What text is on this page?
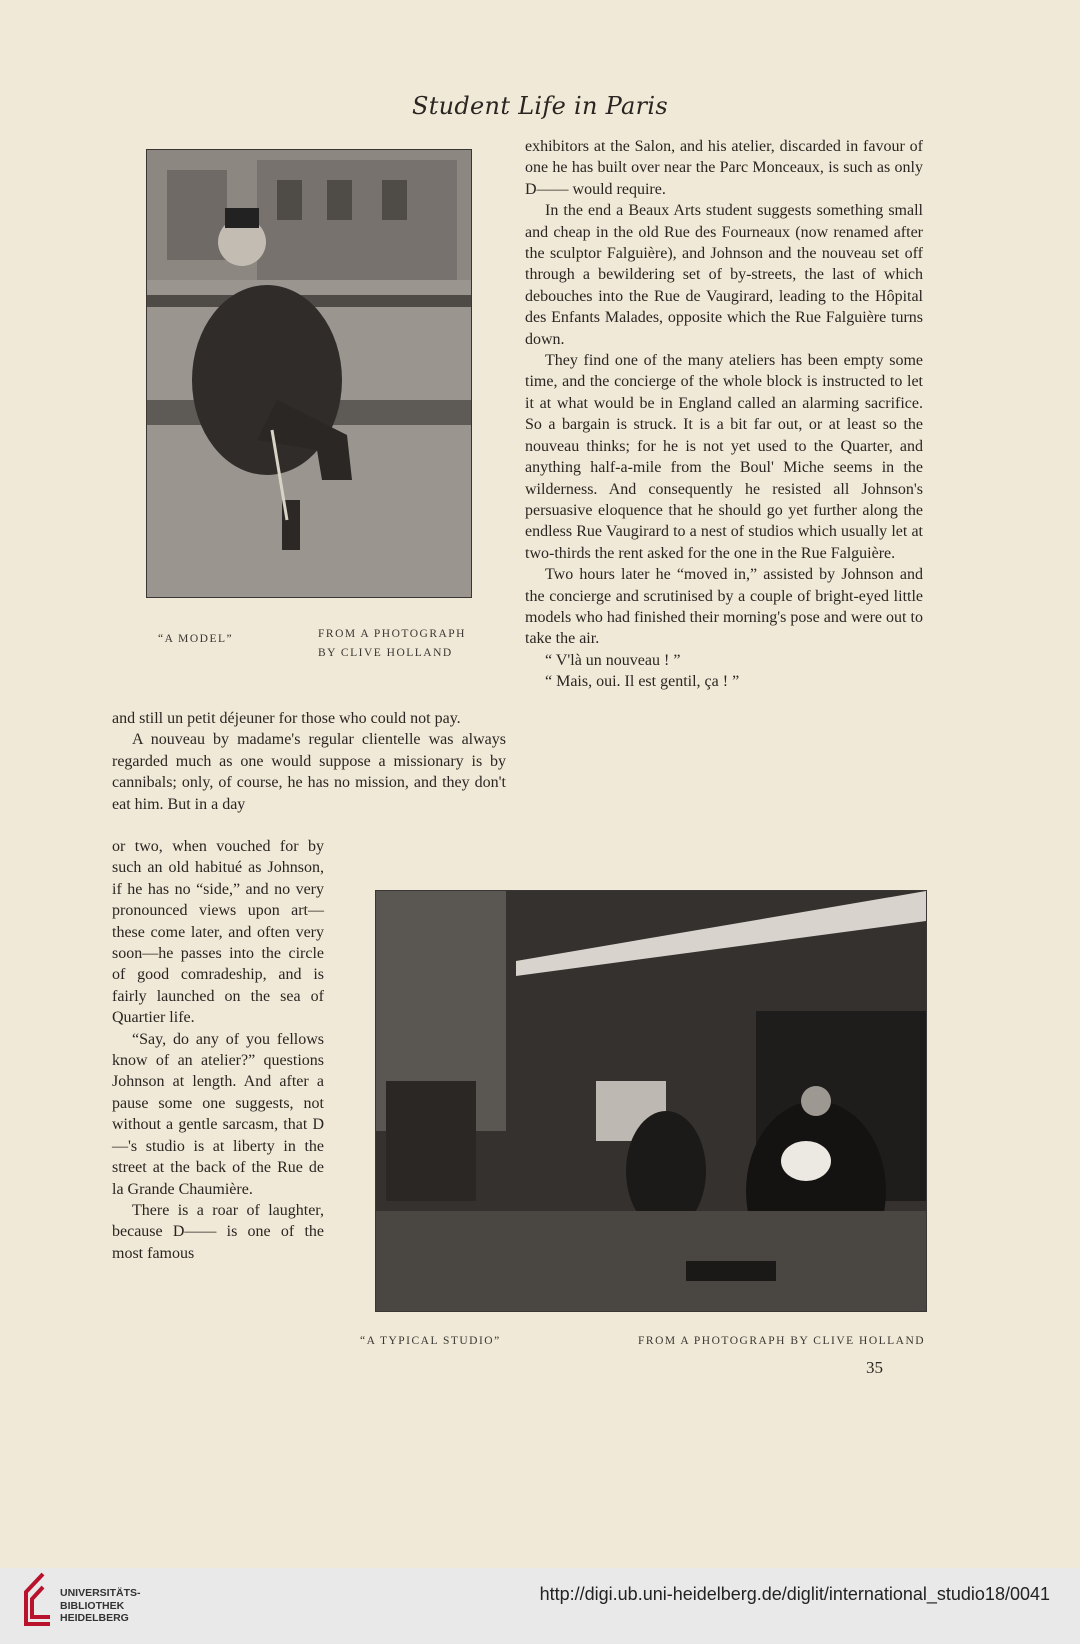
Student Life in Paris
“A MODEL”	FROM A PHOTOGRAPH
BY CLIVE HOLLAND

exhibitors at the Salon, and his atelier, discarded in favour of one he has built over near the Parc Monceaux, is such as only D—— would require.

In the end a Beaux Arts student suggests something small and cheap in the old Rue des Fourneaux (now renamed after the sculptor Falguière), and Johnson and the nouveau set off through a bewildering set of by-streets, the last of which debouches into the Rue de Vaugirard, leading to the Hôpital des Enfants Malades, opposite which the Rue Falguière turns down.

They find one of the many ateliers has been empty some time, and the concierge of the whole block is instructed to let it at what would be in England called an alarming sacrifice. So a bargain is struck. It is a bit far out, or at least so the nouveau thinks; for he is not yet used to the Quarter, and anything half-a-mile from the Boul' Miche seems in the wilderness. And consequently he resisted all Johnson's persuasive eloquence that he should go yet further along the endless Rue Vaugirard to a nest of studios which usually let at two-thirds the rent asked for the one in the Rue Falguière.

Two hours later he “moved in,” assisted by Johnson and the concierge and scrutinised by a couple of bright-eyed little models who had finished their morning's pose and were out to take the air.

“ V'là un nouveau ! ”

“ Mais, oui. Il est gentil, ça ! ”

and still un petit déjeuner for those who could not pay.

A nouveau by madame's regular clientelle was always regarded much as one would suppose a missionary is by cannibals; only, of course, he has no mission, and they don't eat him. But in a day

or two, when vouched for by such an old habitué as Johnson, if he has no “side,” and no very pronounced views upon art—these come later, and often very soon—he passes into the circle of good comradeship, and is fairly launched on the sea of Quartier life.

“Say, do any of you fellows know of an atelier?” questions Johnson at length. And after a pause some one suggests, not without a gentle sarcasm, that D—'s studio is at liberty in the street at the back of the Rue de la Grande Chaumière.

There is a roar of laughter, because D—— is one of the most famous

“A TYPICAL STUDIO”	FROM A PHOTOGRAPH BY CLIVE HOLLAND
35
UNIVERSITÄTS-
BIBLIOTHEK
HEIDELBERG
http://digi.ub.uni-heidelberg.de/diglit/international_studio18/0041
